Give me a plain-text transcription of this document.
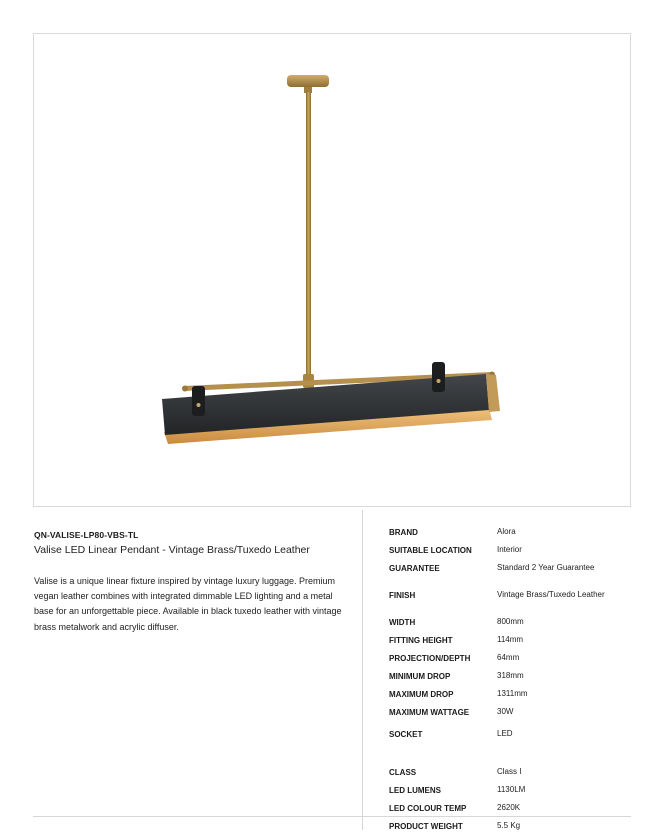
QN-VALISE-LP80-VBS-TL
Valise LED Linear Pendant - Vintage Brass/Tuxedo Leather
Valise is a unique linear fixture inspired by vintage luxury luggage. Premium vegan leather combines with integrated dimmable LED lighting and a metal base for an unforgettable piece. Available in black tuxedo leather with vintage brass metalwork and acrylic diffuser.
BRAND	Alora
SUITABLE LOCATION	Interior
GUARANTEE	Standard 2 Year Guarantee
FINISH	Vintage Brass/Tuxedo Leather
WIDTH	800mm
FITTING HEIGHT	114mm
PROJECTION/DEPTH	64mm
MINIMUM DROP	318mm
MAXIMUM DROP	1311mm
MAXIMUM WATTAGE	30W
SOCKET	LED
CLASS	Class I
LED LUMENS	1130LM
LED COLOUR TEMP	2620K
PRODUCT WEIGHT	5.5 Kg
